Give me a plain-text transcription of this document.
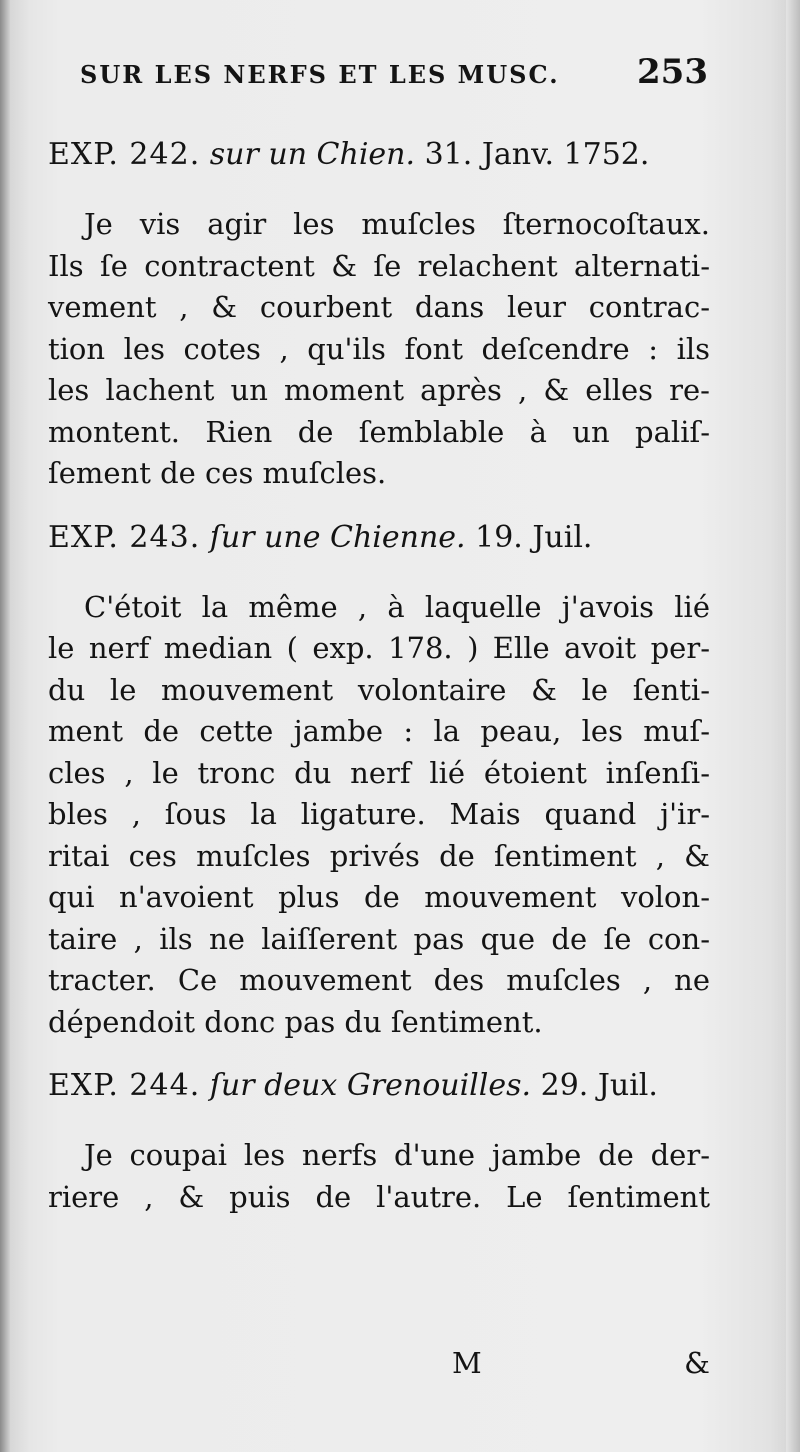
SUR LES NERFS ET LES MUSC.	253
EXP. 242. sur un Chien. 31. Janv. 1752.
Je vis agir les muſcles ſternocoſtaux.
Ils ſe contractent & ſe relachent alternati-
vement , & courbent dans leur contrac-
tion les cotes , qu'ils font deſcendre : ils
les lachent un moment après , & elles re-
montent. Rien de ſemblable à un paliſ-
ſement de ces muſcles.
EXP. 243. ſur une Chienne. 19. Juil.
C'étoit la même , à laquelle j'avois lié
le nerf median ( exp. 178. ) Elle avoit per-
du le mouvement volontaire & le ſenti-
ment de cette jambe : la peau, les muſ-
cles , le tronc du nerf lié étoient inſenſi-
bles , ſous la ligature. Mais quand j'ir-
ritai ces muſcles privés de ſentiment , &
qui n'avoient plus de mouvement volon-
taire , ils ne laiſſerent pas que de ſe con-
tracter. Ce mouvement des muſcles , ne
dépendoit donc pas du ſentiment.
EXP. 244. ſur deux Grenouilles. 29. Juil.
Je coupai les nerfs d'une jambe de der-
riere , & puis de l'autre. Le ſentiment
M	&
